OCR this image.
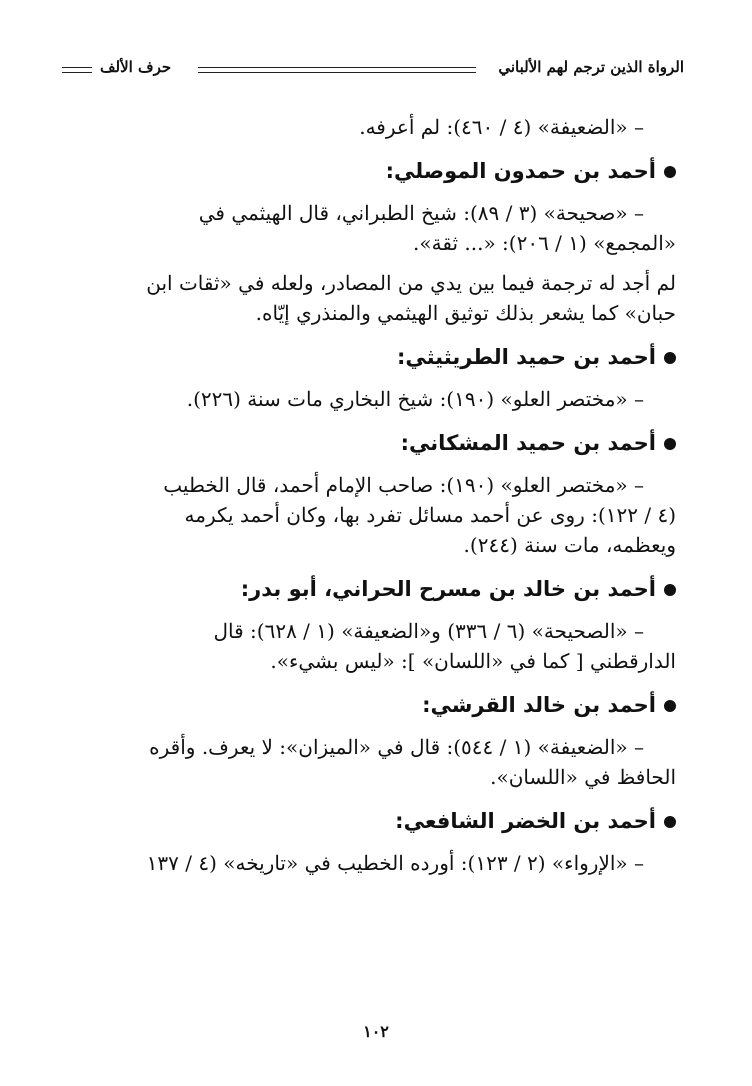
الرواة الذين ترجم لهم الألباني
حرف الألف
– «الضعيفة» (٤ / ٤٦٠): لم أعرفه.
أحمد بن حمدون الموصلي:
– «صحيحة» (٣ / ٨٩): شيخ الطبراني، قال الهيثمي في
«المجمع» (١ / ٢٠٦): «... ثقة».
لم أجد له ترجمة فيما بين يدي من المصادر، ولعله في «ثقات ابن
حبان» كما يشعر بذلك توثيق الهيثمي والمنذري إيّاه.
أحمد بن حميد الطريثيثي:
– «مختصر العلو» (١٩٠): شيخ البخاري مات سنة (٢٢٦).
أحمد بن حميد المشكاني:
– «مختصر العلو» (١٩٠): صاحب الإمام أحمد، قال الخطيب
(٤ / ١٢٢): روى عن أحمد مسائل تفرد بها، وكان أحمد يكرمه
ويعظمه، مات سنة (٢٤٤).
أحمد بن خالد بن مسرح الحراني، أبو بدر:
– «الصحيحة» (٦ / ٣٣٦) و«الضعيفة» (١ / ٦٢٨): قال
الدارقطني [ كما في «اللسان» ]: «ليس بشيء».
أحمد بن خالد القرشي:
– «الضعيفة» (١ / ٥٤٤): قال في «الميزان»: لا يعرف. وأقره
الحافظ في «اللسان».
أحمد بن الخضر الشافعي:
– «الإرواء» (٢ / ١٢٣): أورده الخطيب في «تاريخه» (٤ / ١٣٧
١٠٢
